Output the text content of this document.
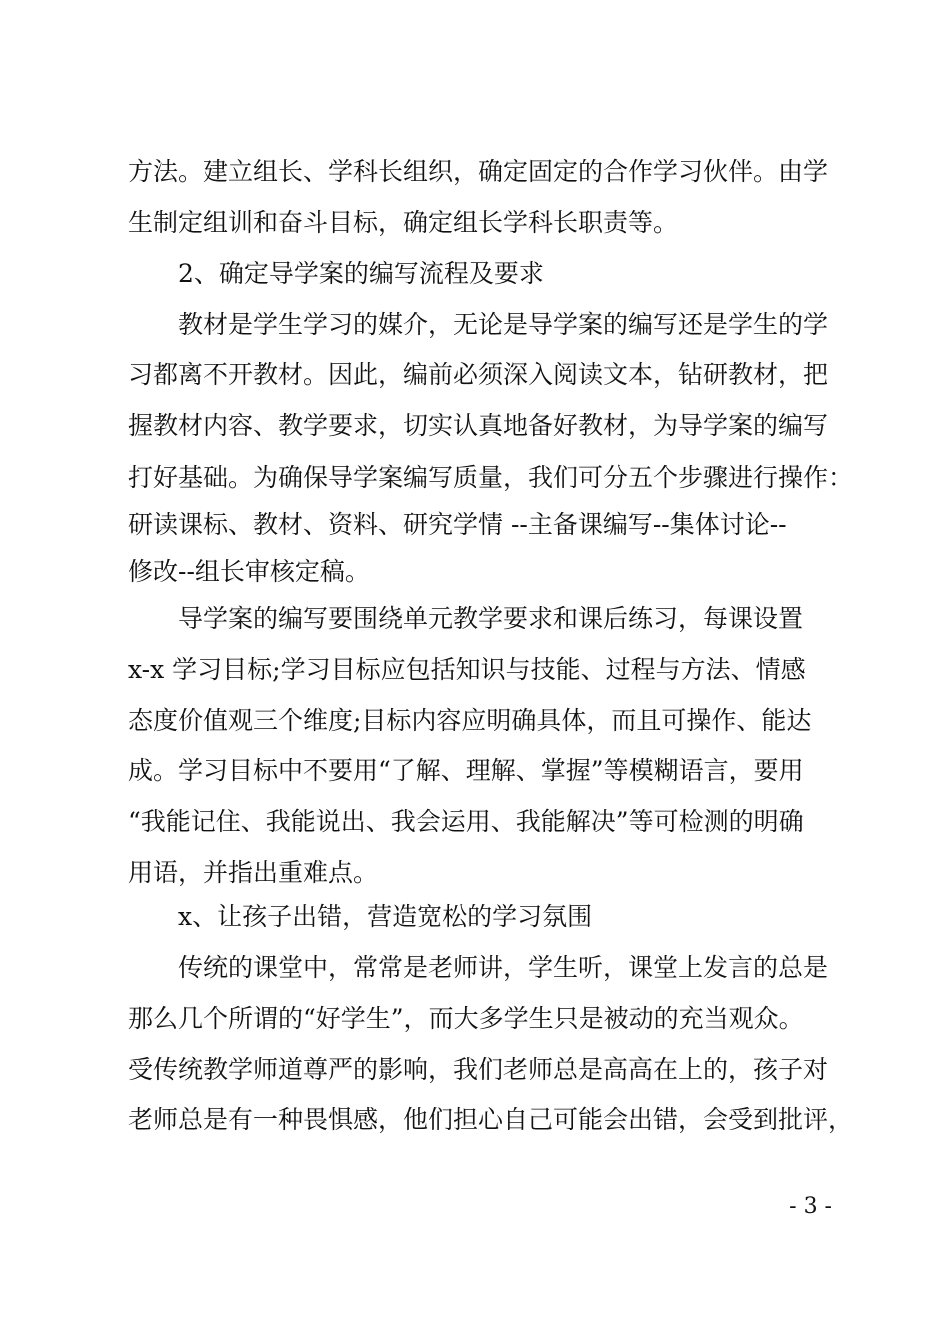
方法。建立组长、学科长组织，确定固定的合作学习伙伴。由学
生制定组训和奋斗目标，确定组长学科长职责等。
2、确定导学案的编写流程及要求
教材是学生学习的媒介，无论是导学案的编写还是学生的学
习都离不开教材。因此，编前必须深入阅读文本，钻研教材，把
握教材内容、教学要求，切实认真地备好教材，为导学案的编写
打好基础。为确保导学案编写质量，我们可分五个步骤进行操作：
研读课标、教材、资料、研究学情 --主备课编写--集体讨论--
修改--组长审核定稿。
导学案的编写要围绕单元教学要求和课后练习，每课设置
x-x 学习目标;学习目标应包括知识与技能、过程与方法、情感
态度价值观三个维度;目标内容应明确具体，而且可操作、能达
成。学习目标中不要用“了解、理解、掌握”等模糊语言，要用
“我能记住、我能说出、我会运用、我能解决”等可检测的明确
用语，并指出重难点。
x、让孩子出错，营造宽松的学习氛围
传统的课堂中，常常是老师讲，学生听，课堂上发言的总是
那么几个所谓的“好学生”，而大多学生只是被动的充当观众。
受传统教学师道尊严的影响，我们老师总是高高在上的，孩子对
老师总是有一种畏惧感，他们担心自己可能会出错，会受到批评，
- 3 -
